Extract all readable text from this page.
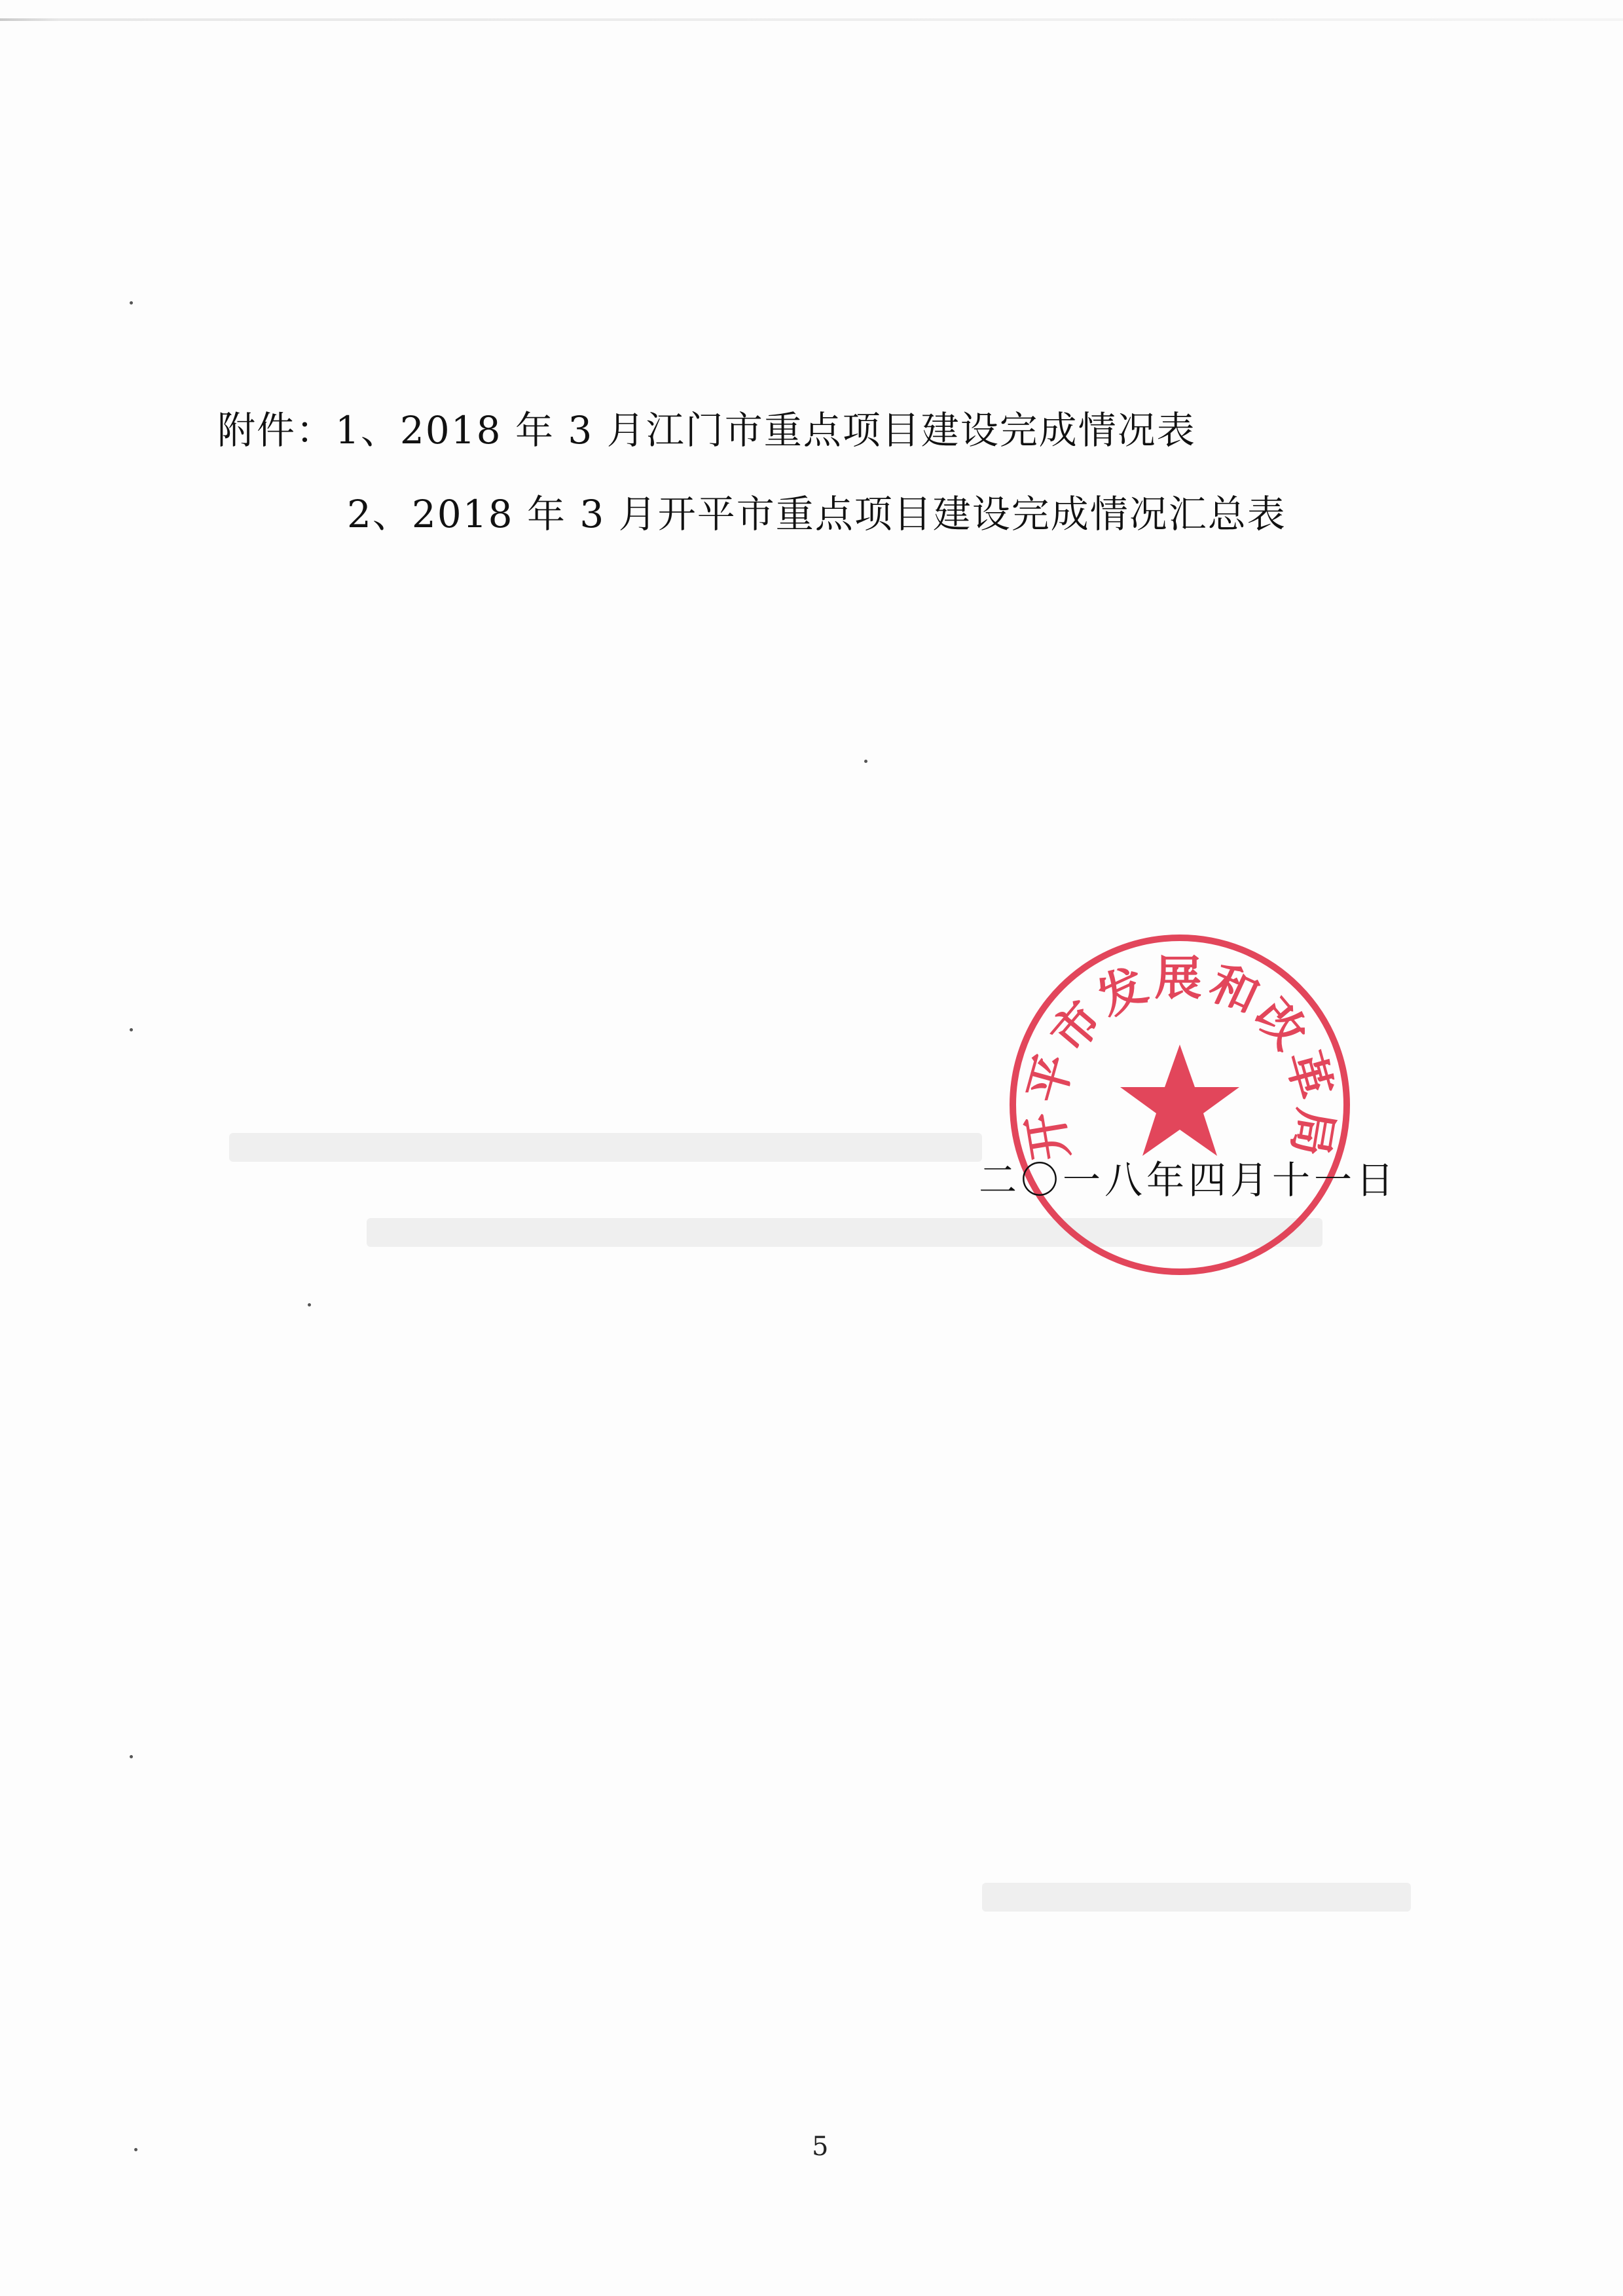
附件：1、2018 年 3 月江门市重点项目建设完成情况表
2、2018 年 3 月开平市重点项目建设完成情况汇总表
开平市发展和改革局
二〇一八年四月十一日
5
